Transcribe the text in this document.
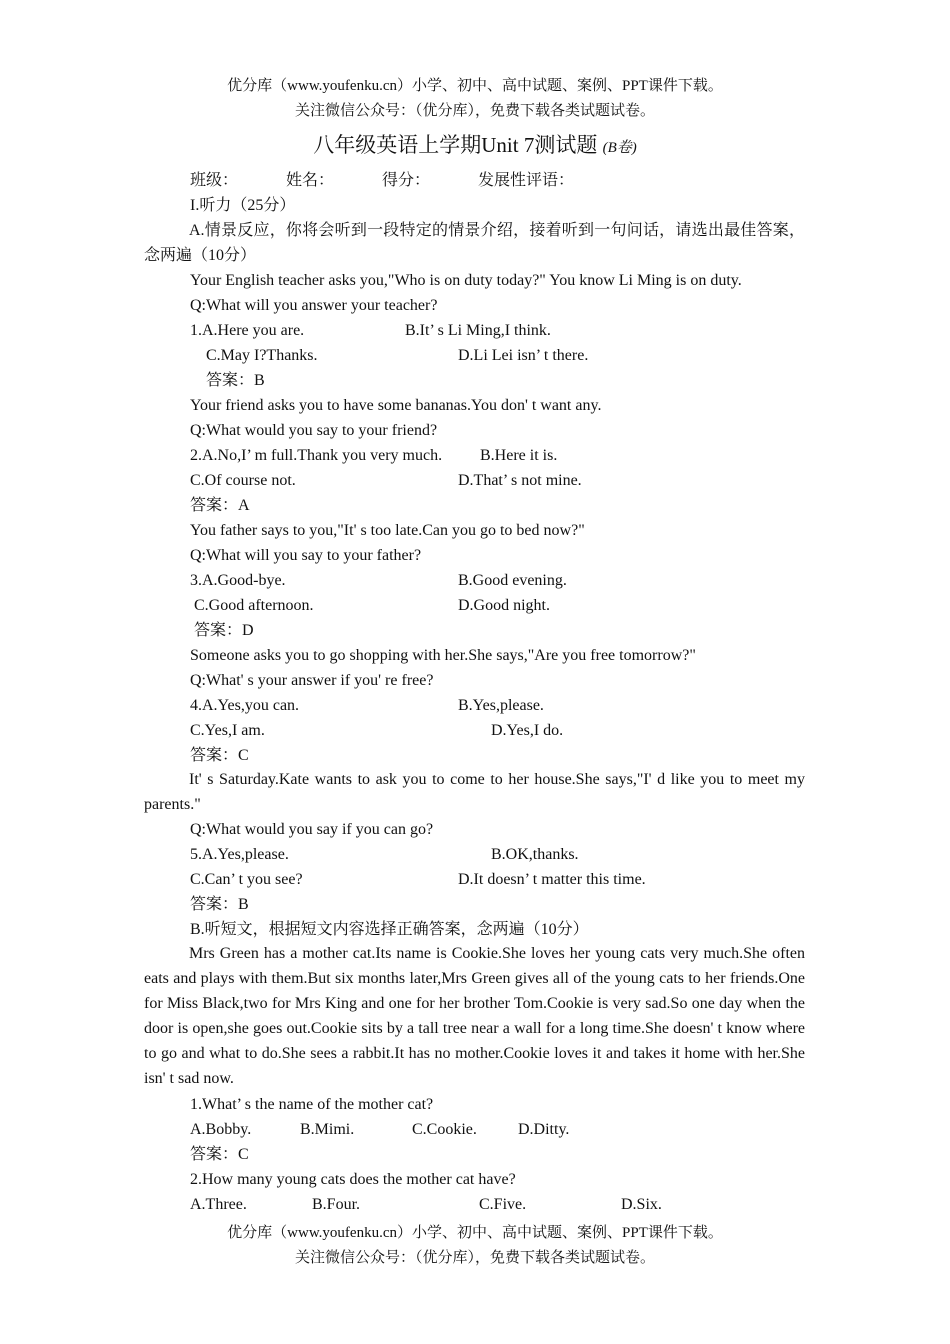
优分库（www.youfenku.cn）小学、初中、高中试题、案例、PPT课件下载。
关注微信公众号：（优分库），免费下载各类试题试卷。
八年级英语上学期Unit 7测试题 (B卷)
班级：	姓名：	得分：	发展性评语：
I.听力（25分）
A.情景反应，你将会听到一段特定的情景介绍，接着听到一句问话，请选出最佳答案，念两遍（10分）
Your English teacher asks you,"Who is on duty today?" You know Li Ming is on duty.
Q:What will you answer your teacher?
1.A.Here you are.	B.It’ s Li Ming,I think.
C.May I?Thanks.	D.Li Lei isn’ t there.
答案：B
Your friend asks you to have some bananas.You don' t want any.
Q:What would you say to your friend?
2.A.No,I’ m full.Thank you very much. B.Here it is.
C.Of course not.	D.That’ s not mine.
答案：A
You father says to you,"It' s too late.Can you go to bed now?"
Q:What will you say to your father?
3.A.Good-bye.	B.Good evening.
C.Good afternoon.	D.Good night.
答案：D
Someone asks you to go shopping with her.She says,"Are you free tomorrow?"
Q:What' s your answer if you' re free?
4.A.Yes,you can.	B.Yes,please.
C.Yes,I am.	D.Yes,I do.
答案：C
It' s Saturday.Kate wants to ask you to come to her house.She says,"I' d like you to meet my parents."
Q:What would you say if you can go?
5.A.Yes,please.	B.OK,thanks.
C.Can’ t you see?	D.It doesn’ t matter this time.
答案：B
B.听短文，根据短文内容选择正确答案，念两遍（10分）
Mrs Green has a mother cat.Its name is Cookie.She loves her young cats very much.She often eats and plays with them.But six months later,Mrs Green gives all of the young cats to her friends.One for Miss Black,two for Mrs King and one for her brother Tom.Cookie is very sad.So one day when the door is open,she goes out.Cookie sits by a tall tree near a wall for a long time.She doesn' t know where to go and what to do.She sees a rabbit.It has no mother.Cookie loves it and takes it home with her.She isn' t sad now.
1.What’ s the name of the mother cat?
A.Bobby.	B.Mimi.	C.Cookie.	D.Ditty.
答案：C
2.How many young cats does the mother cat have?
A.Three.	B.Four.	C.Five.	D.Six.
优分库（www.youfenku.cn）小学、初中、高中试题、案例、PPT课件下载。
关注微信公众号：（优分库），免费下载各类试题试卷。
